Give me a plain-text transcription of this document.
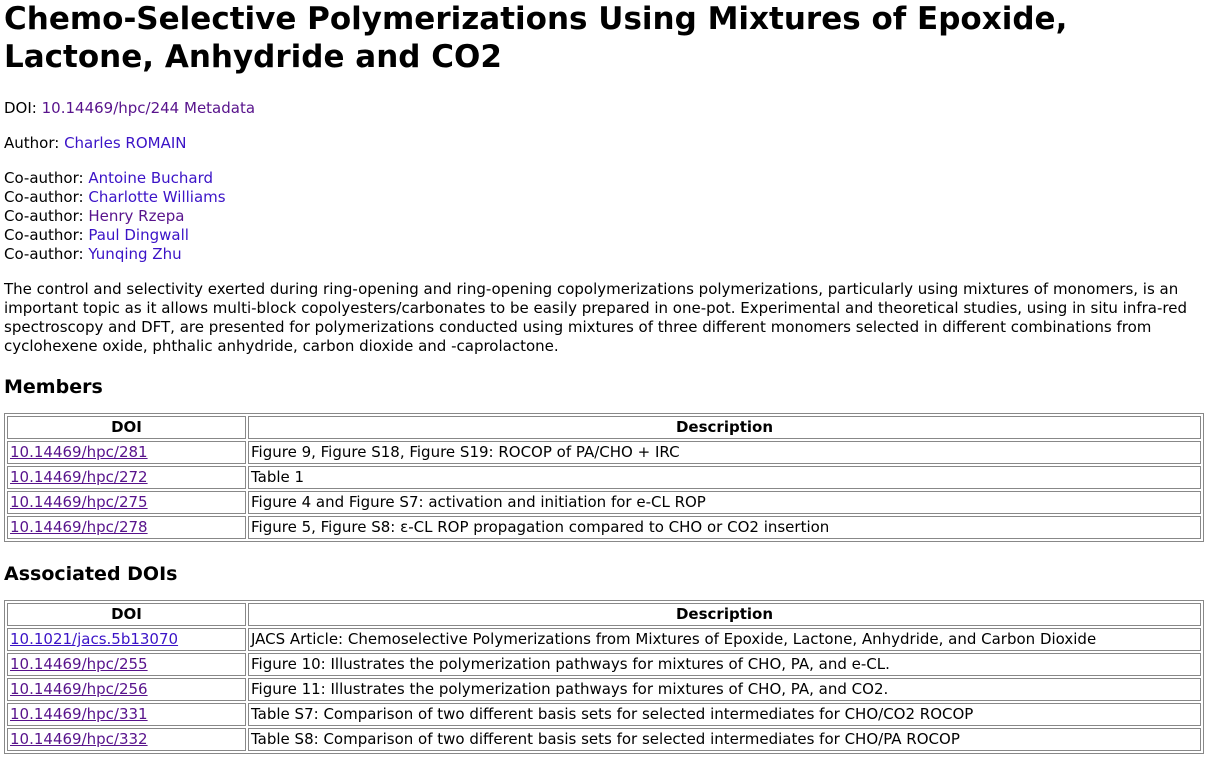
Chemo-Selective Polymerizations Using Mixtures of Epoxide, Lactone, Anhydride and CO2

DOI: 10.14469/hpc/244 Metadata

Author: Charles ROMAIN

Co-author: Antoine Buchard

Co-author: Charlotte Williams

Co-author: Henry Rzepa

Co-author: Paul Dingwall

Co-author: Yunqing Zhu

The control and selectivity exerted during ring-opening and ring-opening copolymerizations polymerizations, particularly using mixtures of monomers, is an important topic as it allows multi-block copolyesters/carbonates to be easily prepared in one-pot. Experimental and theoretical studies, using in situ infra-red spectroscopy and DFT, are presented for polymerizations conducted using mixtures of three different monomers selected in different combinations from cyclohexene oxide, phthalic anhydride, carbon dioxide and -caprolactone.

Members
DOI	Description
10.14469/hpc/281	Figure 9, Figure S18, Figure S19: ROCOP of PA/CHO + IRC
10.14469/hpc/272	Table 1
10.14469/hpc/275	Figure 4 and Figure S7: activation and initiation for e-CL ROP
10.14469/hpc/278	Figure 5, Figure S8: ε-CL ROP propagation compared to CHO or CO2 insertion
Associated DOIs
DOI	Description
10.1021/jacs.5b13070	JACS Article: Chemoselective Polymerizations from Mixtures of Epoxide, Lactone, Anhydride, and Carbon Dioxide
10.14469/hpc/255	Figure 10: Illustrates the polymerization pathways for mixtures of CHO, PA, and e-CL.
10.14469/hpc/256	Figure 11: Illustrates the polymerization pathways for mixtures of CHO, PA, and CO2.
10.14469/hpc/331	Table S7: Comparison of two different basis sets for selected intermediates for CHO/CO2 ROCOP
10.14469/hpc/332	Table S8: Comparison of two different basis sets for selected intermediates for CHO/PA ROCOP
